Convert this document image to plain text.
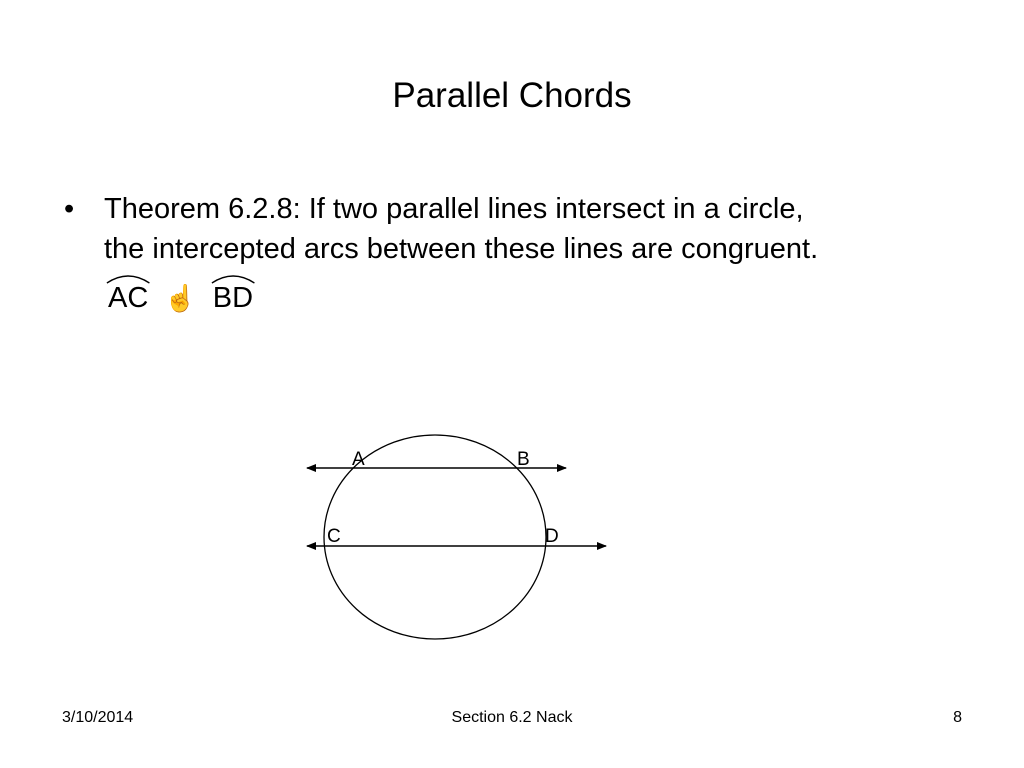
Parallel Chords
• Theorem 6.2.8: If two parallel lines intersect in a circle,
the intercepted arcs between these lines are congruent.
AC ☝ BD
A	B
C	D
3/10/2014	Section 6.2 Nack	8
